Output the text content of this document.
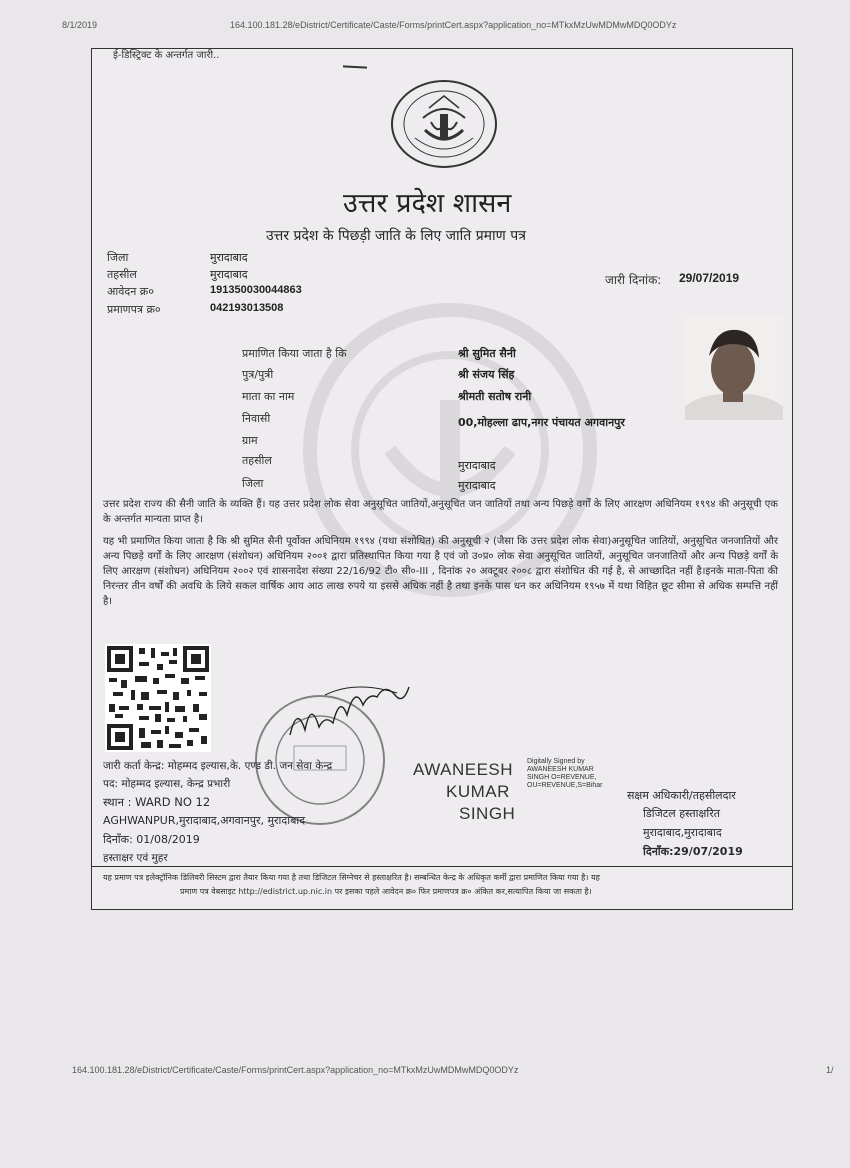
8/1/2019	164.100.181.28/eDistrict/Certificate/Caste/Forms/printCert.aspx?application_no=MTkxMzUwMDMwMDQ0ODYz
ई-डिस्ट्रिक्ट के अन्तर्गत जारी..
उत्तर प्रदेश शासन
उत्तर प्रदेश के पिछड़ी जाति के लिए जाति प्रमाण पत्र
जिला	मुरादाबाद
तहसील	मुरादाबाद
आवेदन क्र०	191350030044863
प्रमाणपत्र क्र०	042193013508
जारी दिनांक: 29/07/2019
प्रमाणित किया जाता है कि	श्री सुमित सैनी
पुत्र/पुत्री	श्री संजय सिंह
माता का नाम	श्रीमती सतोष रानी
निवासी	00,मोहल्ला ढाप,नगर पंचायत अगवानपुर
ग्राम
तहसील	मुरादाबाद
जिला	मुरादाबाद
उत्तर प्रदेश राज्य की सैनी जाति के व्यक्ति हैं। यह उत्तर प्रदेश लोक सेवा अनुसूचित जातियों,अनुसूचित जन जातियों तथा अन्य पिछड़े वर्गों के लिए आरक्षण अधिनियम १९९४ की अनुसूची एक के अन्तर्गत मान्यता प्राप्त है।
यह भी प्रमाणित किया जाता है कि श्री सुमित सैनी पूर्वोक्त अधिनियम १९९४ (यथा संशोधित) की अनुसूची २ (जैसा कि उत्तर प्रदेश लोक सेवा)अनुसूचित जातियों, अनुसूचित जनजातियों और अन्य पिछड़े वर्गों के लिए आरक्षण (संशोधन) अधिनियम २००१ द्वारा प्रतिस्थापित किया गया है एवं जो उ०प्र० लोक सेवा अनुसूचित जातियों, अनुसूचित जनजातियों और अन्य पिछड़े वर्गों के लिए आरक्षण (संशोधन) अधिनियम २००२ एवं शासनादेश संख्या 22/16/92 टी० सी०-III , दिनांक २० अक्टूबर २००८ द्वारा संशोधित की गई है, से आच्छादित नहीं है।इनके माता-पिता की निरन्तर तीन वर्षों की अवधि के लिये सकल वार्षिक आय आठ लाख रुपये या इससे अधिक नहीं है तथा इनके पास धन कर अधिनियम १९५७ में यथा विहित छूट सीमा से अधिक सम्पत्ति नहीं है।
जारी कर्ता केन्द्र: मोहम्मद इल्यास,के. एण्ड डी. जन सेवा केन्द्र
पद: मोहम्मद इल्यास, केन्द्र प्रभारी
स्थान : WARD NO 12
AGHWANPUR,मुरादाबाद,अगवानपुर, मुरादाबाद
दिनाँक: 01/08/2019
हस्ताक्षर एवं मुहर
AWANEESH
KUMAR
SINGH
Digitally Signed by AWANEESH KUMAR SINGH O=REVENUE, OU=REVENUE,S=Bihar
सक्षम अधिकारी/तहसीलदार
डिजिटल हस्ताक्षरित
मुरादाबाद,मुरादाबाद
दिनाँक:29/07/2019
यह प्रमाण पत्र इलेक्ट्रॉनिक डिलिवरी सिस्टम द्वारा तैयार किया गया है तथा डिजिटल सिग्नेचर से हस्ताक्षरित है। सम्बन्धित केन्द्र के अधिकृत कर्मी द्वारा प्रमाणित किया गया है। यह
प्रमाण पत्र वेबसाइट http://edistrict.up.nic.in पर इसका पहले आवेदन क्र० फिर प्रमाणपत्र क्र० अंकित कर,सत्यापित किया जा सकता है।
164.100.181.28/eDistrict/Certificate/Caste/Forms/printCert.aspx?application_no=MTkxMzUwMDMwMDQ0ODYz	1/
